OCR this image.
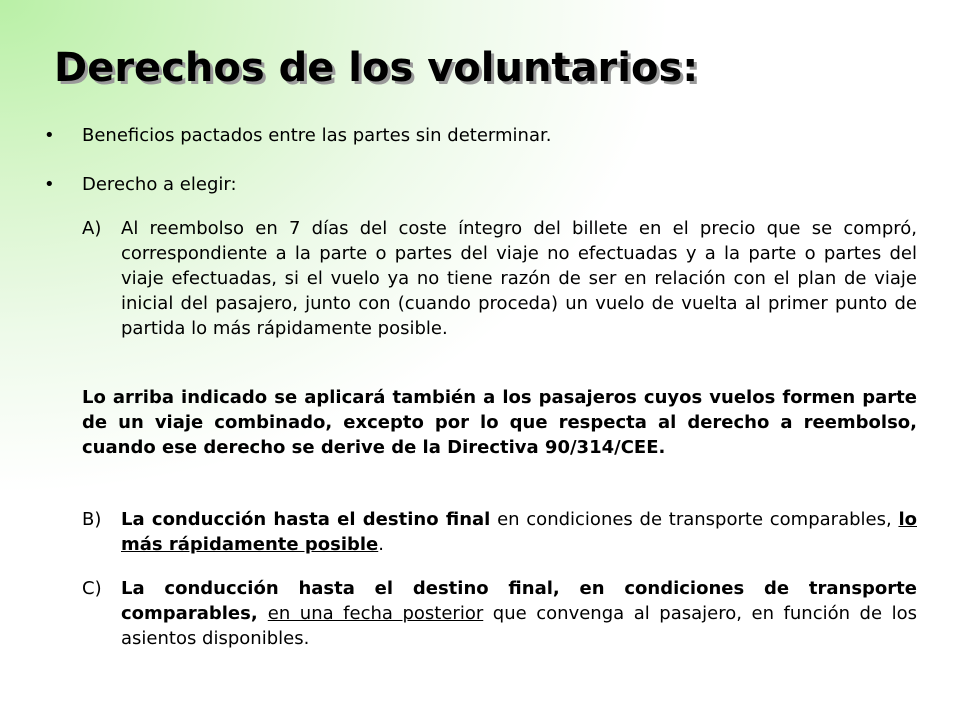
Derechos de los voluntarios:
• Beneficios pactados entre las partes sin determinar.
• Derecho a elegir:
A) Al reembolso en 7 días del coste íntegro del billete en el precio que se compró, correspondiente a la parte o partes del viaje no efectuadas y a la parte o partes del viaje efectuadas, si el vuelo ya no tiene razón de ser en relación con el plan de viaje inicial del pasajero, junto con (cuando proceda) un vuelo de vuelta al primer punto de partida lo más rápidamente posible.
Lo arriba indicado se aplicará también a los pasajeros cuyos vuelos formen parte de un viaje combinado, excepto por lo que respecta al derecho a reembolso, cuando ese derecho se derive de la Directiva 90/314/CEE.
B) La conducción hasta el destino final en condiciones de transporte comparables, lo más rápidamente posible.
C) La conducción hasta el destino final, en condiciones de transporte comparables, en una fecha posterior que convenga al pasajero, en función de los asientos disponibles.
